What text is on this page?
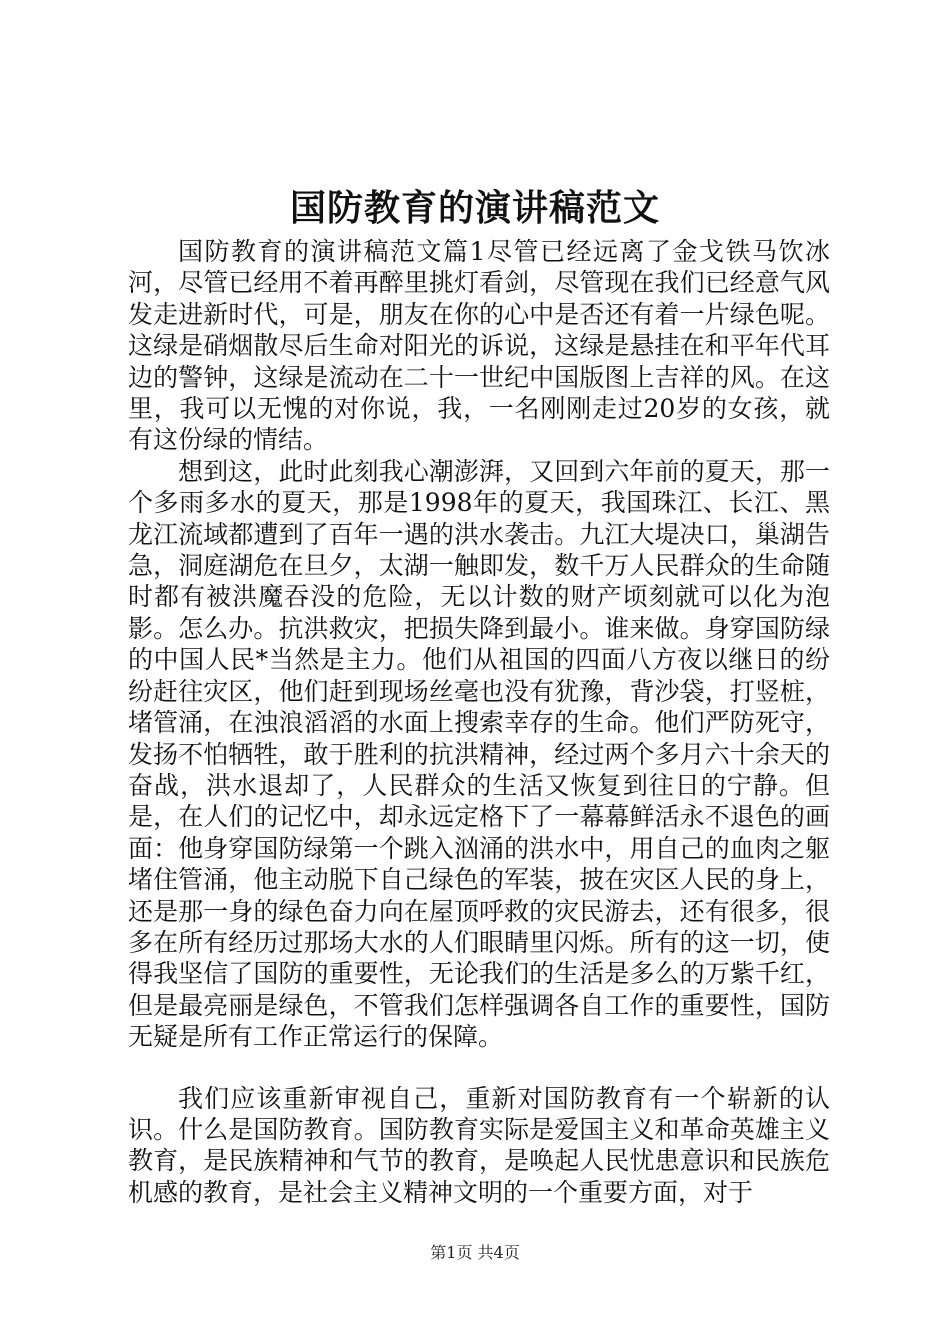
国防教育的演讲稿范文

国防教育的演讲稿范文篇1尽管已经远离了金戈铁马饮冰河，尽管已经用不着再醉里挑灯看剑，尽管现在我们已经意气风发走进新时代，可是，朋友在你的心中是否还有着一片绿色呢。这绿是硝烟散尽后生命对阳光的诉说，这绿是悬挂在和平年代耳边的警钟，这绿是流动在二十一世纪中国版图上吉祥的风。在这里，我可以无愧的对你说，我，一名刚刚走过20岁的女孩，就有这份绿的情结。

想到这，此时此刻我心潮澎湃，又回到六年前的夏天，那一个多雨多水的夏天，那是1998年的夏天，我国珠江、长江、黑龙江流域都遭到了百年一遇的洪水袭击。九江大堤决口，巢湖告急，洞庭湖危在旦夕，太湖一触即发，数千万人民群众的生命随时都有被洪魔吞没的危险，无以计数的财产顷刻就可以化为泡影。怎么办。抗洪救灾，把损失降到最小。谁来做。身穿国防绿的中国人民*当然是主力。他们从祖国的四面八方夜以继日的纷纷赶往灾区，他们赶到现场丝毫也没有犹豫，背沙袋，打竖桩，堵管涌，在浊浪滔滔的水面上搜索幸存的生命。他们严防死守，发扬不怕牺牲，敢于胜利的抗洪精神，经过两个多月六十余天的奋战，洪水退却了，人民群众的生活又恢复到往日的宁静。但是，在人们的记忆中，却永远定格下了一幕幕鲜活永不退色的画面：他身穿国防绿第一个跳入汹涌的洪水中，用自己的血肉之躯堵住管涌，他主动脱下自己绿色的军装，披在灾区人民的身上，还是那一身的绿色奋力向在屋顶呼救的灾民游去，还有很多，很多在所有经历过那场大水的人们眼睛里闪烁。所有的这一切，使得我坚信了国防的重要性，无论我们的生活是多么的万紫千红，但是最亮丽是绿色，不管我们怎样强调各自工作的重要性，国防无疑是所有工作正常运行的保障。

我们应该重新审视自己，重新对国防教育有一个崭新的认识。什么是国防教育。国防教育实际是爱国主义和革命英雄主义教育，是民族精神和气节的教育，是唤起人民忧患意识和民族危机感的教育，是社会主义精神文明的一个重要方面，对于

第1页 共4页
